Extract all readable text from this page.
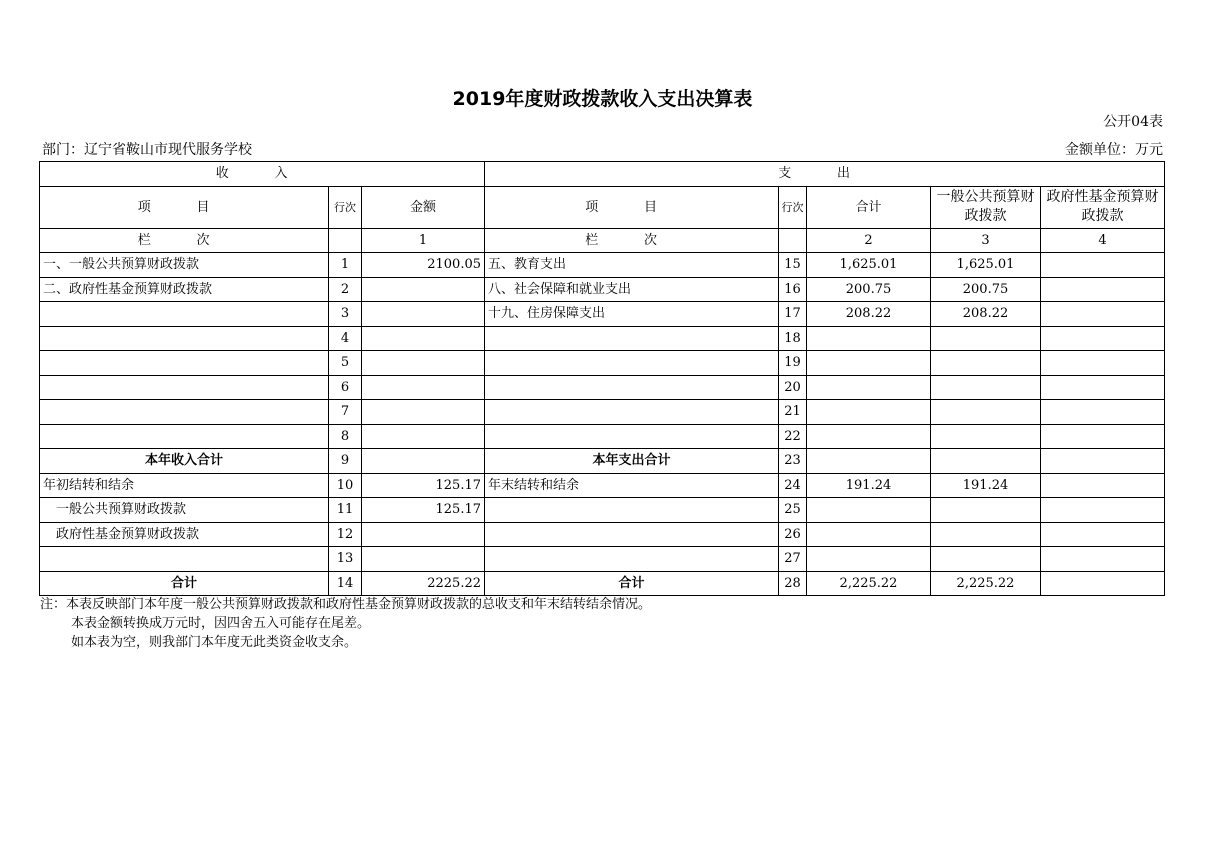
2019年度财政拨款收入支出决算表
公开04表
部门：辽宁省鞍山市现代服务学校	金额单位：万元
收 入			支 出				
项 目	行次	金额	项 目	行次	合计	一般公共预算财政拨款	政府性基金预算财政拨款
栏 次		1	栏 次		2	3	4
一、一般公共预算财政拨款	1	2100.05	五、教育支出	15	1,625.01	1,625.01	
二、政府性基金预算财政拨款	2		八、社会保障和就业支出	16	200.75	200.75	
	3		十九、住房保障支出	17	208.22	208.22	
	4			18			
	5			19			
	6			20			
	7			21			
	8			22			
本年收入合计	9		本年支出合计	23			
年初结转和结余	10	125.17	年末结转和结余	24	191.24	191.24	
一般公共预算财政拨款	11	125.17		25			
政府性基金预算财政拨款	12			26			
	13			27			
合计	14	2225.22	合计	28	2,225.22	2,225.22	
注：本表反映部门本年度一般公共预算财政拨款和政府性基金预算财政拨款的总收支和年末结转结余情况。
本表金额转换成万元时，因四舍五入可能存在尾差。
如本表为空，则我部门本年度无此类资金收支余。
